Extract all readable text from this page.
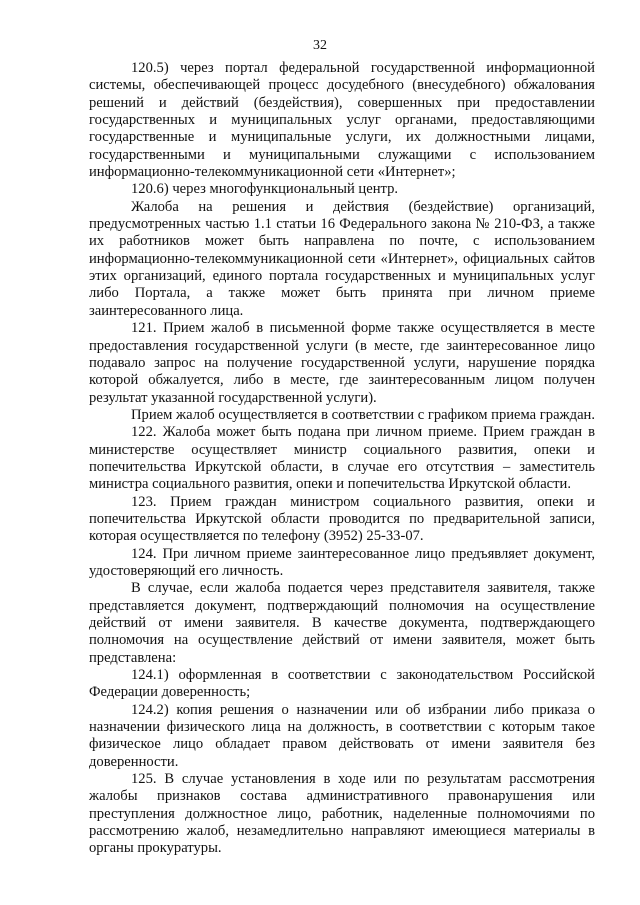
32

120.5) через портал федеральной государственной информационной системы, обеспечивающей процесс досудебного (внесудебного) обжалования решений и действий (бездействия), совершенных при предоставлении государственных и муниципальных услуг органами, предоставляющими государственные и муниципальные услуги, их должностными лицами, государственными и муниципальными служащими с использованием информационно-телекоммуникационной сети «Интернет»;

120.6) через многофункциональный центр.

Жалоба на решения и действия (бездействие) организаций, предусмотренных частью 1.1 статьи 16 Федерального закона № 210-ФЗ, а также их работников может быть направлена по почте, с использованием информационно-телекоммуникационной сети «Интернет», официальных сайтов этих организаций, единого портала государственных и муниципальных услуг либо Портала, а также может быть принята при личном приеме заинтересованного лица.

121. Прием жалоб в письменной форме также осуществляется в месте предоставления государственной услуги (в месте, где заинтересованное лицо подавало запрос на получение государственной услуги, нарушение порядка которой обжалуется, либо в месте, где заинтересованным лицом получен результат указанной государственной услуги).

Прием жалоб осуществляется в соответствии с графиком приема граждан.

122. Жалоба может быть подана при личном приеме. Прием граждан в министерстве осуществляет министр социального развития, опеки и попечительства Иркутской области, в случае его отсутствия – заместитель министра социального развития, опеки и попечительства Иркутской области.

123. Прием граждан министром социального развития, опеки и попечительства Иркутской области проводится по предварительной записи, которая осуществляется по телефону (3952) 25-33-07.

124. При личном приеме заинтересованное лицо предъявляет документ, удостоверяющий его личность.

В случае, если жалоба подается через представителя заявителя, также представляется документ, подтверждающий полномочия на осуществление действий от имени заявителя. В качестве документа, подтверждающего полномочия на осуществление действий от имени заявителя, может быть представлена:

124.1) оформленная в соответствии с законодательством Российской Федерации доверенность;

124.2) копия решения о назначении или об избрании либо приказа о назначении физического лица на должность, в соответствии с которым такое физическое лицо обладает правом действовать от имени заявителя без доверенности.

125. В случае установления в ходе или по результатам рассмотрения жалобы признаков состава административного правонарушения или преступления должностное лицо, работник, наделенные полномочиями по рассмотрению жалоб, незамедлительно направляют имеющиеся материалы в органы прокуратуры.
